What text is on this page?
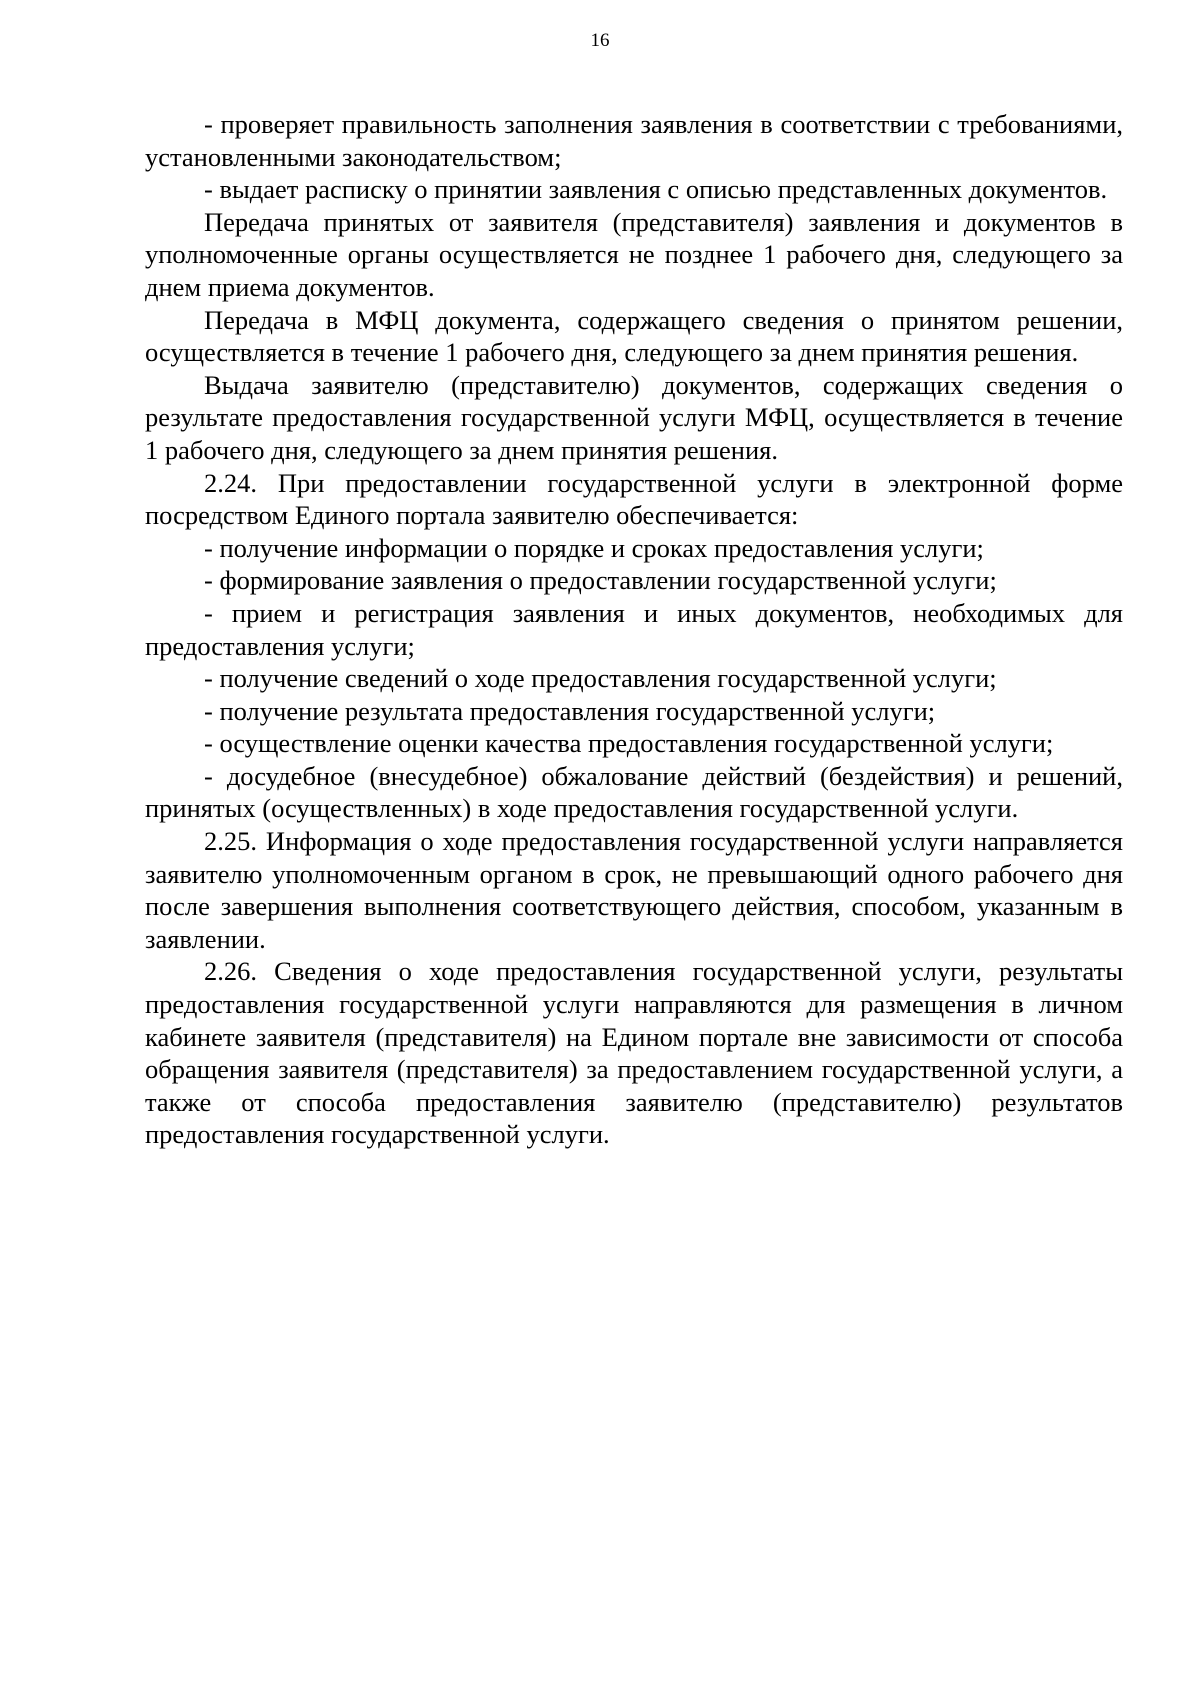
16

- проверяет правильность заполнения заявления в соответствии с требованиями, установленными законодательством;

- выдает расписку о принятии заявления с описью представленных документов.

Передача принятых от заявителя (представителя) заявления и документов в уполномоченные органы осуществляется не позднее 1 рабочего дня, следующего за днем приема документов.

Передача в МФЦ документа, содержащего сведения о принятом решении, осуществляется в течение 1 рабочего дня, следующего за днем принятия решения.

Выдача заявителю (представителю) документов, содержащих сведения о результате предоставления государственной услуги МФЦ, осуществляется в течение 1 рабочего дня, следующего за днем принятия решения.

2.24. При предоставлении государственной услуги в электронной форме посредством Единого портала заявителю обеспечивается:

- получение информации о порядке и сроках предоставления услуги;

- формирование заявления о предоставлении государственной услуги;

- прием и регистрация заявления и иных документов, необходимых для предоставления услуги;

- получение сведений о ходе предоставления государственной услуги;

- получение результата предоставления государственной услуги;

- осуществление оценки качества предоставления государственной услуги;

- досудебное (внесудебное) обжалование действий (бездействия) и решений, принятых (осуществленных) в ходе предоставления государственной услуги.

2.25. Информация о ходе предоставления государственной услуги направляется заявителю уполномоченным органом в срок, не превышающий одного рабочего дня после завершения выполнения соответствующего действия, способом, указанным в заявлении.

2.26. Сведения о ходе предоставления государственной услуги, результаты предоставления государственной услуги направляются для размещения в личном кабинете заявителя (представителя) на Едином портале вне зависимости от способа обращения заявителя (представителя) за предоставлением государственной услуги, а также от способа предоставления заявителю (представителю) результатов предоставления государственной услуги.
